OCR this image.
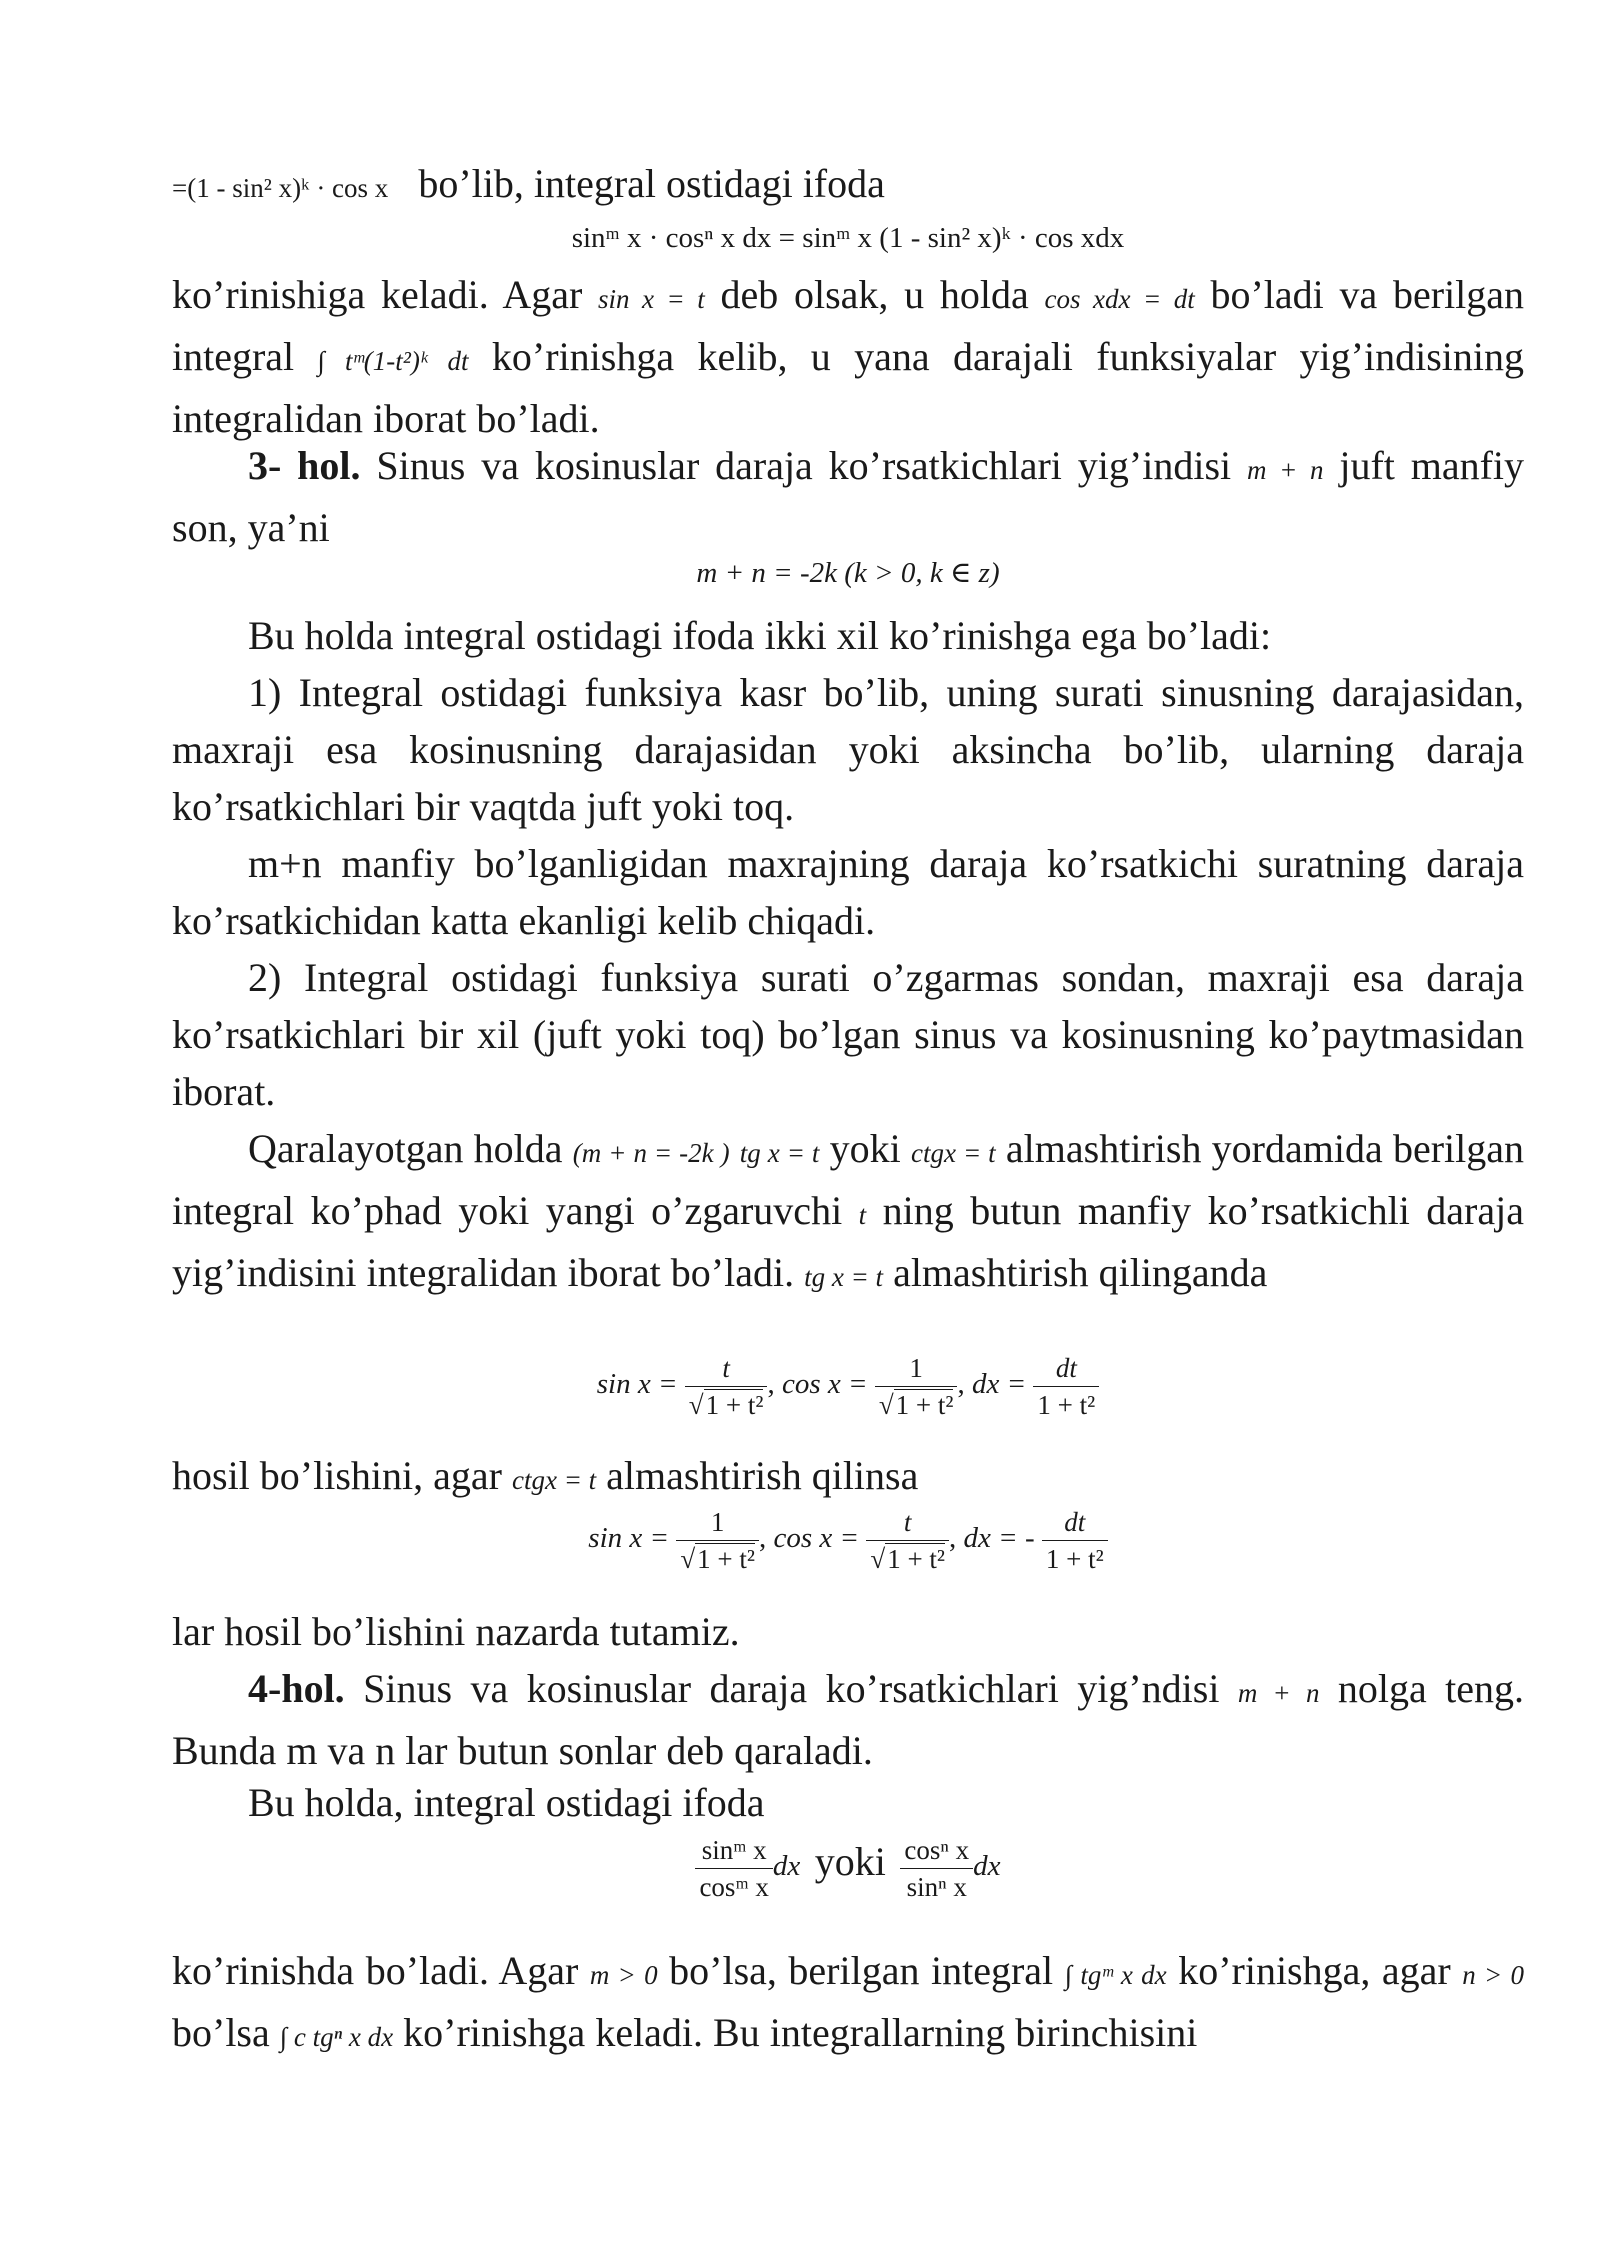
=(1 - sin² x)ᵏ · cos x bo’lib, integral ostidagi ifoda

sinᵐ x · cosⁿ x dx = sinᵐ x (1 - sin² x)ᵏ · cos xdx

ko’rinishiga keladi. Agar sin x = t deb olsak, u holda cos xdx = dt bo’ladi va berilgan integral ∫ tᵐ(1-t²)ᵏ dt ko’rinishga kelib, u yana darajali funksiyalar yig’indisining integralidan iborat bo’ladi.

3- hol. Sinus va kosinuslar daraja ko’rsatkichlari yig’indisi m + n juft manfiy son, ya’ni

m + n = -2k (k > 0, k ∈ z)

Bu holda integral ostidagi ifoda ikki xil ko’rinishga ega bo’ladi:

1) Integral ostidagi funksiya kasr bo’lib, uning surati sinusning darajasidan, maxraji esa kosinusning darajasidan yoki aksincha bo’lib, ularning daraja ko’rsatkichlari bir vaqtda juft yoki toq.

m+n manfiy bo’lganligidan maxrajning daraja ko’rsatkichi suratning daraja ko’rsatkichidan katta ekanligi kelib chiqadi.

2) Integral ostidagi funksiya surati o’zgarmas sondan, maxraji esa daraja ko’rsatkichlari bir xil (juft yoki toq) bo’lgan sinus va kosinusning ko’paytmasidan iborat.

Qaralayotgan holda (m + n = -2k ) tg x = t yoki ctgx = t almashtirish yordamida berilgan integral ko’phad yoki yangi o’zgaruvchi t ning butun manfiy ko’rsatkichli daraja yig’indisini integralidan iborat bo’ladi. tg x = t almashtirish qilinganda

$\sin x = \frac{t}{\text{√1 + t²}}$ , $\cos x = \frac{1}{\text{√1 + t²}}$ , dx = $\frac{dt}{\text{1 + t²}}$

hosil bo’lishini, agar ctgx = t almashtirish qilinsa

$\sin x = \frac{1}{\text{√1 + t²}}$ , $\cos x = \frac{t}{\text{√1 + t²}}$ , dx = - $\frac{dt}{\text{1 + t²}}$

lar hosil bo’lishini nazarda tutamiz.

4-hol. Sinus va kosinuslar daraja ko’rsatkichlari yig’ndisi m + n nolga teng. Bunda m va n lar butun sonlar deb qaraladi.

Bu holda, integral ostidagi ifoda

$\frac{\text{sinᵐ x}}{\text{cosᵐ x}}$ dx yoki $\frac{\text{cosⁿ x}}{\text{sinⁿ x}}$ dx

ko’rinishda bo’ladi. Agar m > 0 bo’lsa, berilgan integral ∫ tgᵐ x dx ko’rinishga, agar n > 0 bo’lsa ∫ c tgⁿ x dx ko’rinishga keladi. Bu integrallarning birinchisini
